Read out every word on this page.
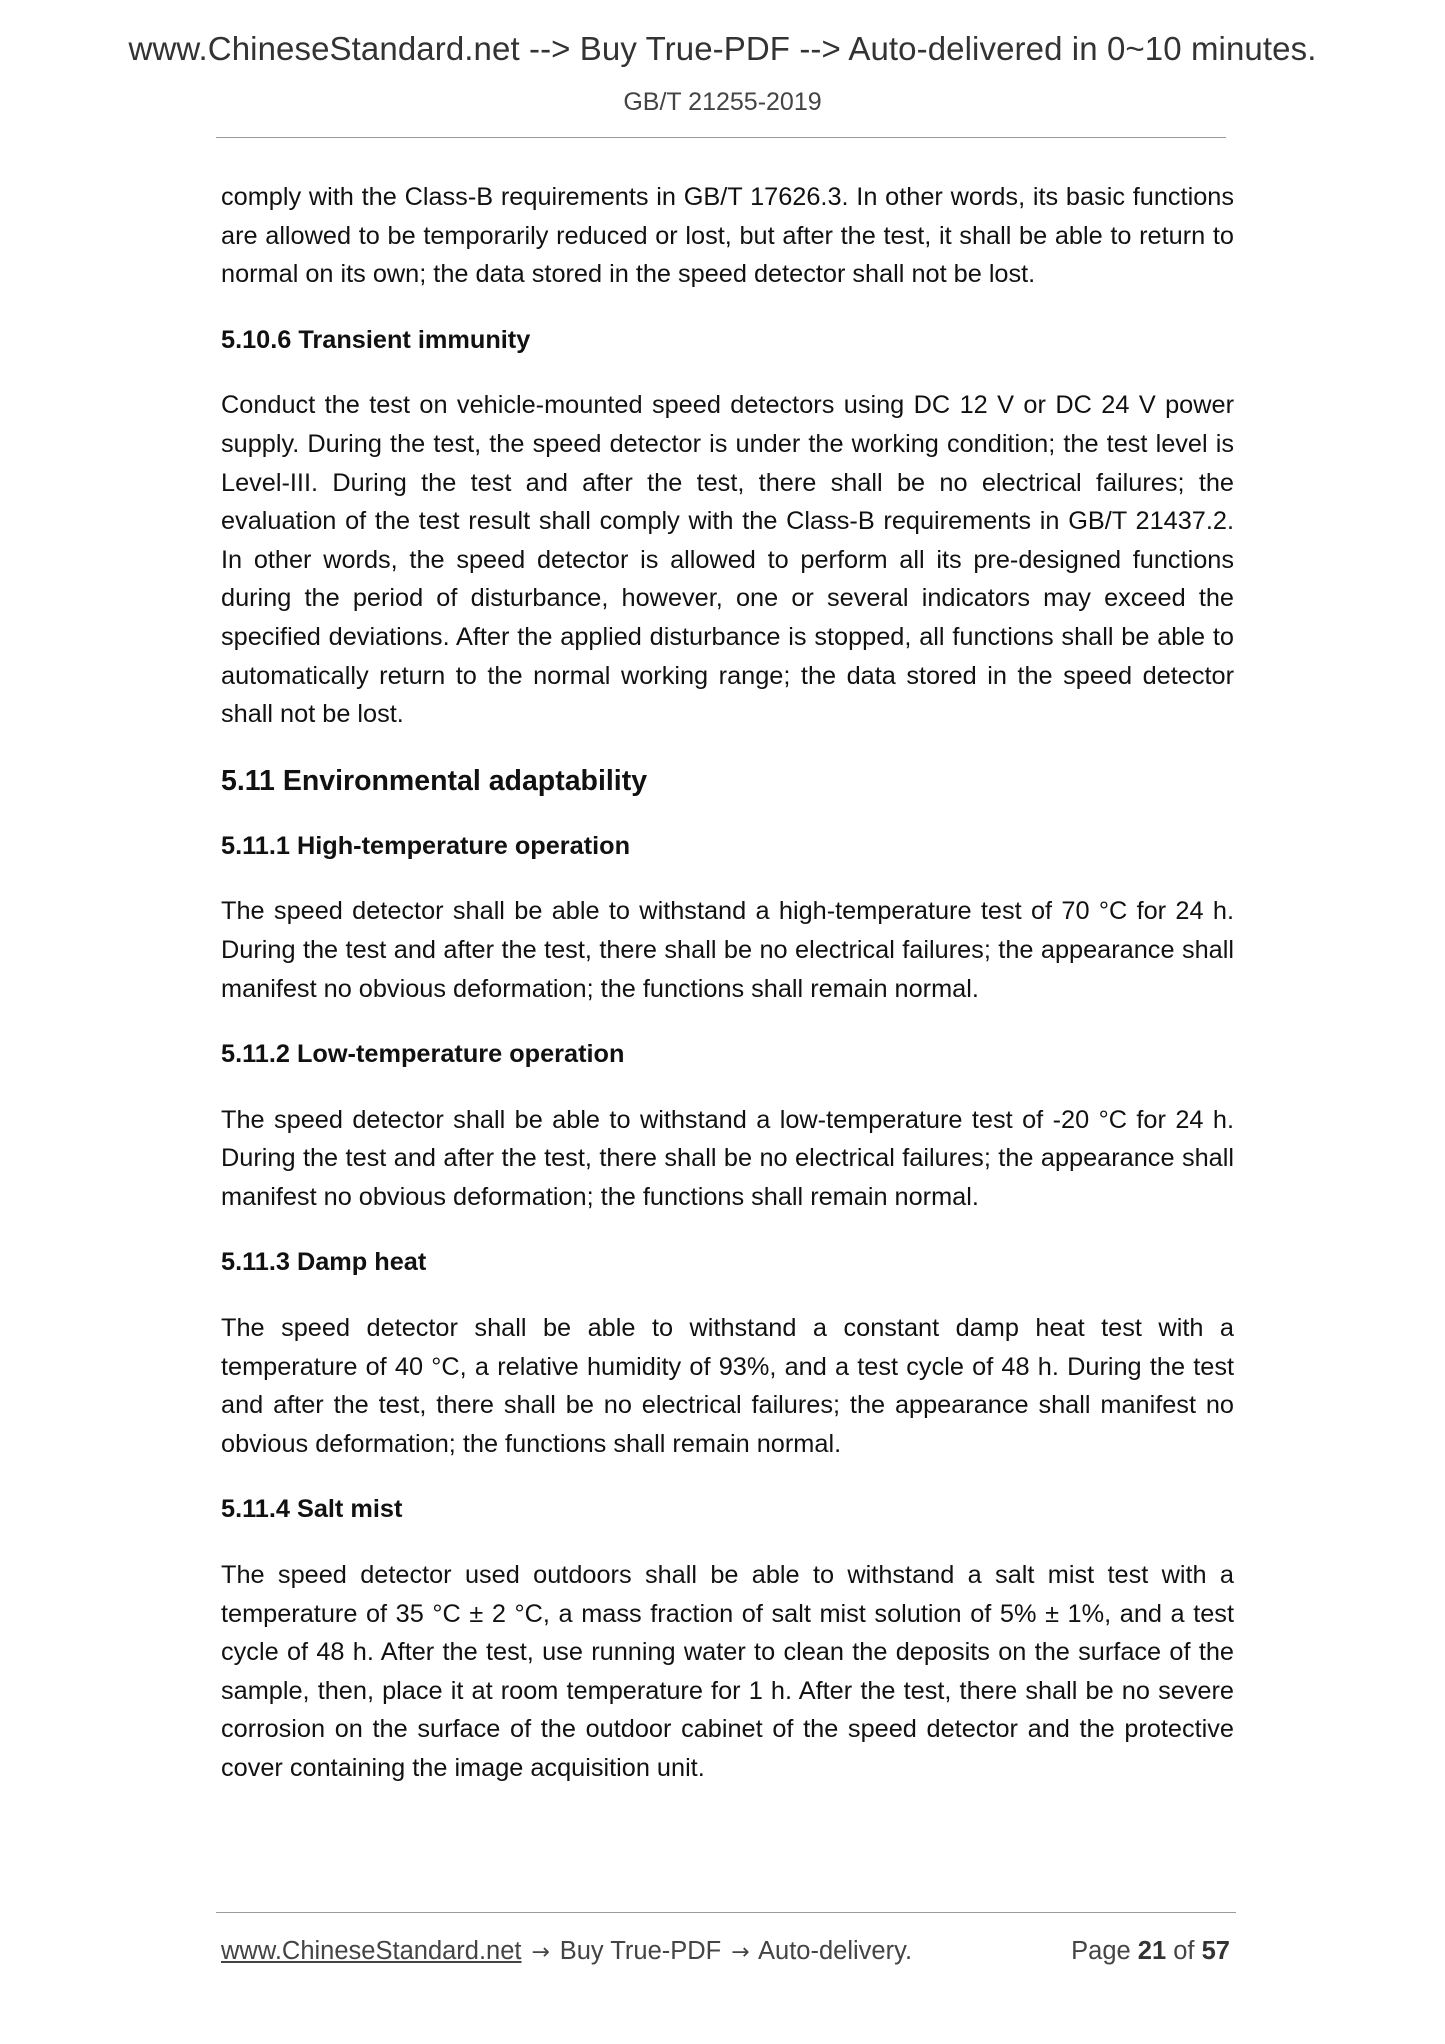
www.ChineseStandard.net --> Buy True-PDF --> Auto-delivered in 0~10 minutes.
GB/T 21255-2019

comply with the Class-B requirements in GB/T 17626.3. In other words, its basic functions are allowed to be temporarily reduced or lost, but after the test, it shall be able to return to normal on its own; the data stored in the speed detector shall not be lost.

5.10.6 Transient immunity

Conduct the test on vehicle-mounted speed detectors using DC 12 V or DC 24 V power supply. During the test, the speed detector is under the working condition; the test level is Level-III. During the test and after the test, there shall be no electrical failures; the evaluation of the test result shall comply with the Class-B requirements in GB/T 21437.2. In other words, the speed detector is allowed to perform all its pre-designed functions during the period of disturbance, however, one or several indicators may exceed the specified deviations. After the applied disturbance is stopped, all functions shall be able to automatically return to the normal working range; the data stored in the speed detector shall not be lost.

5.11 Environmental adaptability
5.11.1 High-temperature operation

The speed detector shall be able to withstand a high-temperature test of 70 °C for 24 h. During the test and after the test, there shall be no electrical failures; the appearance shall manifest no obvious deformation; the functions shall remain normal.

5.11.2 Low-temperature operation

The speed detector shall be able to withstand a low-temperature test of -20 °C for 24 h. During the test and after the test, there shall be no electrical failures; the appearance shall manifest no obvious deformation; the functions shall remain normal.

5.11.3 Damp heat

The speed detector shall be able to withstand a constant damp heat test with a temperature of 40 °C, a relative humidity of 93%, and a test cycle of 48 h. During the test and after the test, there shall be no electrical failures; the appearance shall manifest no obvious deformation; the functions shall remain normal.

5.11.4 Salt mist

The speed detector used outdoors shall be able to withstand a salt mist test with a temperature of 35 °C ± 2 °C, a mass fraction of salt mist solution of 5% ± 1%, and a test cycle of 48 h. After the test, use running water to clean the deposits on the surface of the sample, then, place it at room temperature for 1 h. After the test, there shall be no severe corrosion on the surface of the outdoor cabinet of the speed detector and the protective cover containing the image acquisition unit.

www.ChineseStandard.net → Buy True-PDF → Auto-delivery.	Page 21 of 57
